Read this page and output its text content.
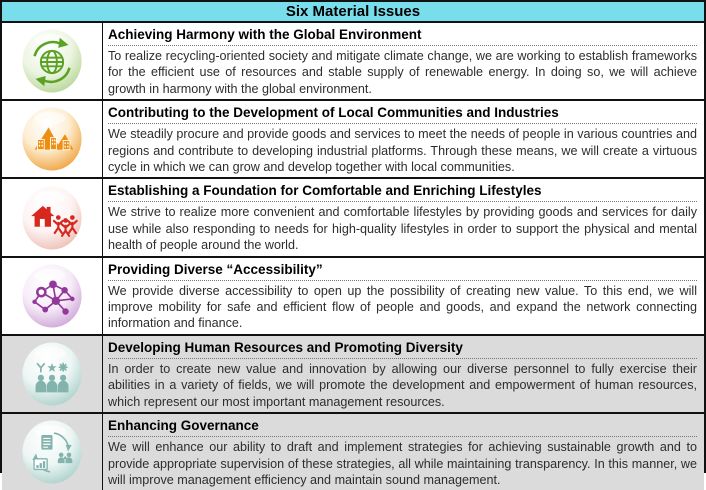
Six Material Issues
Achieving Harmony with the Global Environment
To realize recycling-oriented society and mitigate climate change, we are working to establish frameworks for the efficient use of resources and stable supply of renewable energy. In doing so, we will achieve growth in harmony with the global environment.
Contributing to the Development of Local Communities and Industries
We steadily procure and provide goods and services to meet the needs of people in various countries and regions and contribute to developing industrial platforms. Through these means, we will create a virtuous cycle in which we can grow and develop together with local communities.
Establishing a Foundation for Comfortable and Enriching Lifestyles
We strive to realize more convenient and comfortable lifestyles by providing goods and services for daily use while also responding to needs for high-quality lifestyles in order to support the physical and mental health of people around the world.
Providing Diverse “Accessibility”
We provide diverse accessibility to open up the possibility of creating new value. To this end, we will improve mobility for safe and efficient flow of people and goods, and expand the network connecting information and finance.
Developing Human Resources and Promoting Diversity
In order to create new value and innovation by allowing our diverse personnel to fully exercise their abilities in a variety of fields, we will promote the development and empowerment of human resources, which represent our most important management resources.
Enhancing Governance
We will enhance our ability to draft and implement strategies for achieving sustainable growth and to provide appropriate supervision of these strategies, all while maintaining transparency. In this manner, we will improve management efficiency and maintain sound management.
